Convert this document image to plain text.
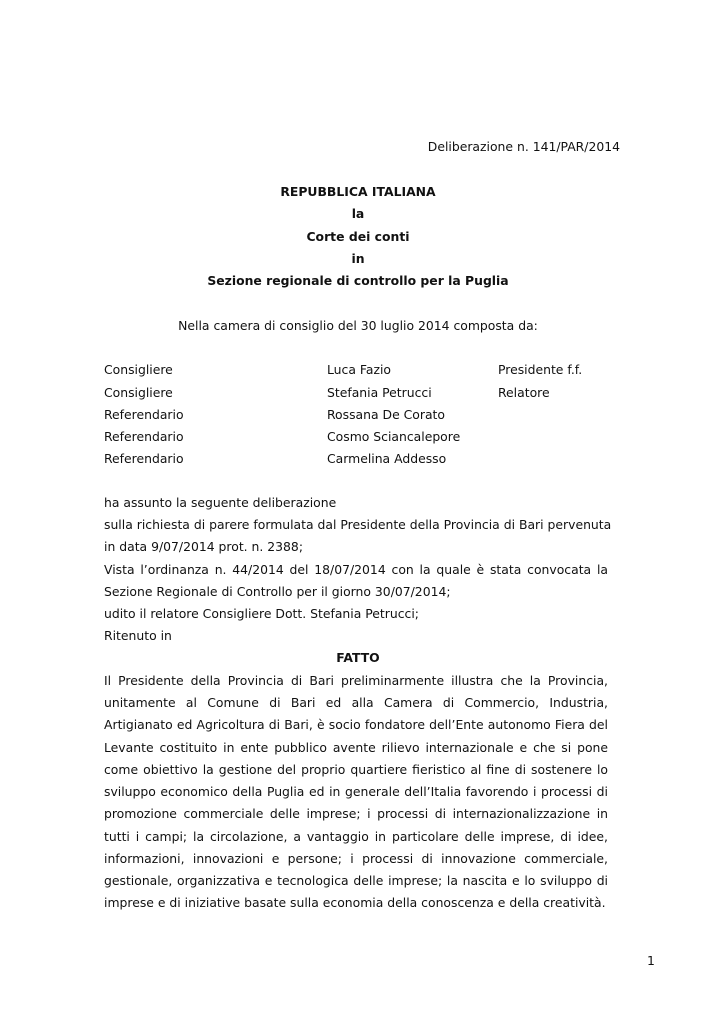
Deliberazione n. 141/PAR/2014
REPUBBLICA ITALIANA
la
Corte dei conti
in
Sezione regionale di controllo per la Puglia
Nella camera di consiglio del 30 luglio 2014 composta da:
Consigliere	Luca Fazio	Presidente f.f.
Consigliere	Stefania Petrucci	Relatore
Referendario	Rossana De Corato
Referendario	Cosmo Sciancalepore
Referendario	Carmelina Addesso
ha assunto la seguente deliberazione
sulla richiesta di parere formulata dal Presidente della Provincia di Bari pervenuta
in data 9/07/2014 prot. n. 2388;
Vista l’ordinanza n. 44/2014 del 18/07/2014 con la quale è stata convocata la
Sezione Regionale di Controllo per il giorno 30/07/2014;
udito il relatore Consigliere Dott. Stefania Petrucci;
Ritenuto in
FATTO
Il Presidente della Provincia di Bari preliminarmente illustra che la Provincia,
unitamente al Comune di Bari ed alla Camera di Commercio, Industria,
Artigianato ed Agricoltura di Bari, è socio fondatore dell’Ente autonomo Fiera del
Levante costituito in ente pubblico avente rilievo internazionale e che si pone
come obiettivo la gestione del proprio quartiere fieristico al fine di sostenere lo
sviluppo economico della Puglia ed in generale dell’Italia favorendo i processi di
promozione commerciale delle imprese; i processi di internazionalizzazione in
tutti i campi; la circolazione, a vantaggio in particolare delle imprese, di idee,
informazioni, innovazioni e persone; i processi di innovazione commerciale,
gestionale, organizzativa e tecnologica delle imprese; la nascita e lo sviluppo di
imprese e di iniziative basate sulla economia della conoscenza e della creatività.
1
